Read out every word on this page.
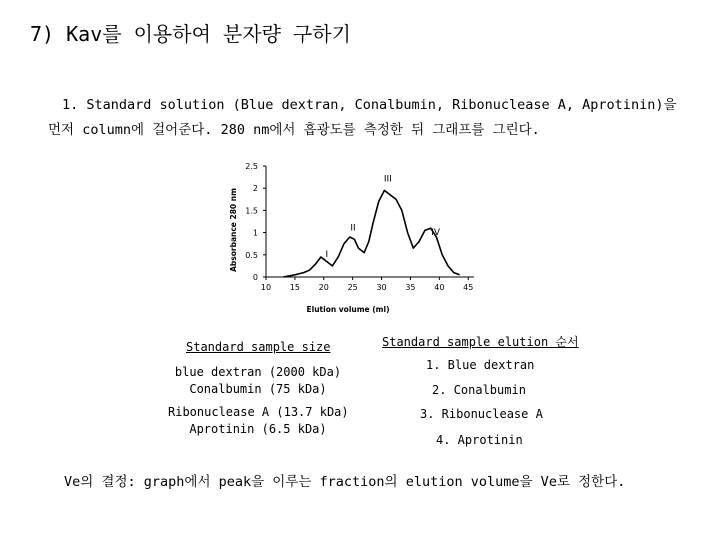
7) Kav를 이용하여 분자량 구하기
1. Standard solution (Blue dextran, Conalbumin, Ribonuclease A, Aprotinin)을
먼저 column에 걸어준다. 280 nm에서 흡광도를 측정한 뒤 그래프를 그린다.
0
0.5
1
1.5
2
2.5
10 15 20 25 30 35 40 45
I
II
III
IV
Absorbance 280 nm
Elution volume (ml)
Standard sample size
blue dextran (2000 kDa)
Conalbumin (75 kDa)
Ribonuclease A (13.7 kDa)
Aprotinin (6.5 kDa)
Standard sample elution 순서
1. Blue dextran
2. Conalbumin
3. Ribonuclease A
4. Aprotinin
Ve의 결정: graph에서 peak을 이루는 fraction의 elution volume을 Ve로 정한다.
